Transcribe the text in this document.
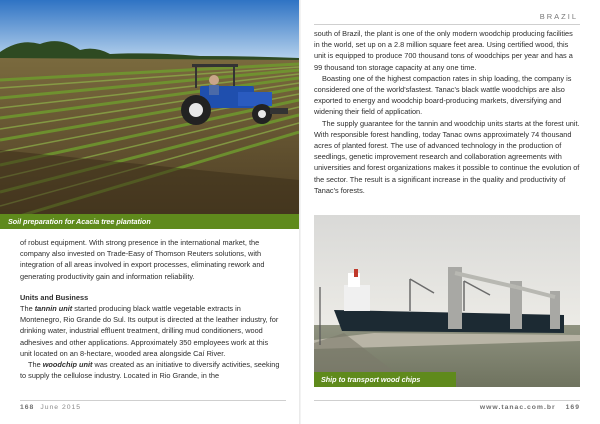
Soil preparation for Acacia tree plantation

of robust equipment. With strong presence in the international market, the company also invested on Trade-Easy of Thomson Reuters solutions, with integration of all areas involved in export processes, eliminating rework and generating productivity gain and information reliability.

Units and Business

The tannin unit started producing black wattle vegetable extracts in Montenegro, Rio Grande do Sul. Its output is directed at the leather industry, for drinking water, industrial effluent treatment, drilling mud conditioners, wood adhesives and other applications. Approximately 350 employees work at this unit located on an 8-hectare, wooded area alongside Caí River.

The woodchip unit was created as an initiative to diversify activities, seeking to supply the cellulose industry. Located in Rio Grande, in the

168 June 2015
BRAZIL

south of Brazil, the plant is one of the only modern woodchip producing facilities in the world, set up on a 2.8 million square feet area. Using certified wood, this unit is equipped to produce 700 thousand tons of woodchips per year and has a 99 thousand ton storage capacity at any one time.

Boasting one of the highest compaction rates in ship loading, the company is considered one of the world'sfastest. Tanac's black wattle woodchips are also exported to energy and woodchip board-producing markets, diversifying and widening their field of application.

The supply guarantee for the tannin and woodchip units starts at the forest unit. With responsible forest handling, today Tanac owns approximately 74 thousand acres of planted forest. The use of advanced technology in the production of seedlings, genetic improvement research and collaboration agreements with universities and forest organizations makes it possible to continue the evolution of the sector. The result is a significant increase in the quality and productivity of Tanac's forests.

Ship to transport wood chips
www.tanac.com.br 169
